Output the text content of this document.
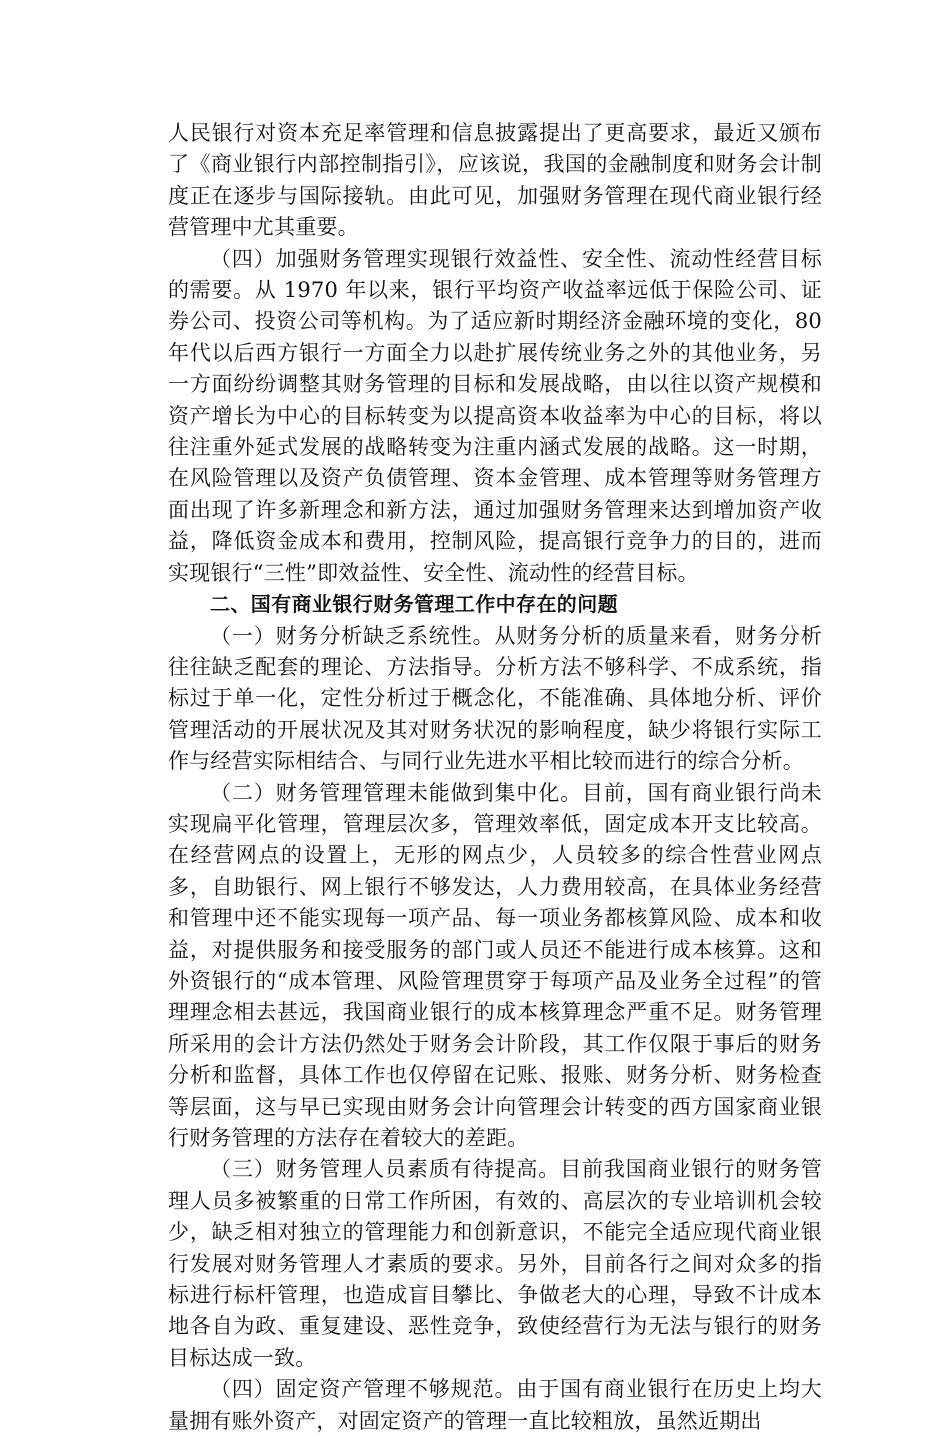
人民银行对资本充足率管理和信息披露提出了更高要求，最近又颁布了《商业银行内部控制指引》，应该说，我国的金融制度和财务会计制度正在逐步与国际接轨。由此可见，加强财务管理在现代商业银行经营管理中尤其重要。

（四）加强财务管理实现银行效益性、安全性、流动性经营目标的需要。从 1970 年以来，银行平均资产收益率远低于保险公司、证券公司、投资公司等机构。为了适应新时期经济金融环境的变化，80 年代以后西方银行一方面全力以赴扩展传统业务之外的其他业务，另一方面纷纷调整其财务管理的目标和发展战略，由以往以资产规模和资产增长为中心的目标转变为以提高资本收益率为中心的目标，将以往注重外延式发展的战略转变为注重内涵式发展的战略。这一时期，在风险管理以及资产负债管理、资本金管理、成本管理等财务管理方面出现了许多新理念和新方法，通过加强财务管理来达到增加资产收益，降低资金成本和费用，控制风险，提高银行竞争力的目的，进而实现银行“三性”即效益性、安全性、流动性的经营目标。

二、国有商业银行财务管理工作中存在的问题

（一）财务分析缺乏系统性。从财务分析的质量来看，财务分析往往缺乏配套的理论、方法指导。分析方法不够科学、不成系统，指标过于单一化，定性分析过于概念化，不能准确、具体地分析、评价管理活动的开展状况及其对财务状况的影响程度，缺少将银行实际工作与经营实际相结合、与同行业先进水平相比较而进行的综合分析。

（二）财务管理管理未能做到集中化。目前，国有商业银行尚未实现扁平化管理，管理层次多，管理效率低，固定成本开支比较高。在经营网点的设置上，无形的网点少，人员较多的综合性营业网点多，自助银行、网上银行不够发达，人力费用较高，在具体业务经营和管理中还不能实现每一项产品、每一项业务都核算风险、成本和收益，对提供服务和接受服务的部门或人员还不能进行成本核算。这和外资银行的“成本管理、风险管理贯穿于每项产品及业务全过程”的管理理念相去甚远，我国商业银行的成本核算理念严重不足。财务管理所采用的会计方法仍然处于财务会计阶段，其工作仅限于事后的财务分析和监督，具体工作也仅停留在记账、报账、财务分析、财务检查等层面，这与早已实现由财务会计向管理会计转变的西方国家商业银行财务管理的方法存在着较大的差距。

（三）财务管理人员素质有待提高。目前我国商业银行的财务管理人员多被繁重的日常工作所困，有效的、高层次的专业培训机会较少，缺乏相对独立的管理能力和创新意识，不能完全适应现代商业银行发展对财务管理人才素质的要求。另外，目前各行之间对众多的指标进行标杆管理，也造成盲目攀比、争做老大的心理，导致不计成本地各自为政、重复建设、恶性竞争，致使经营行为无法与银行的财务目标达成一致。

（四）固定资产管理不够规范。由于国有商业银行在历史上均大量拥有账外资产，对固定资产的管理一直比较粗放，虽然近期出
